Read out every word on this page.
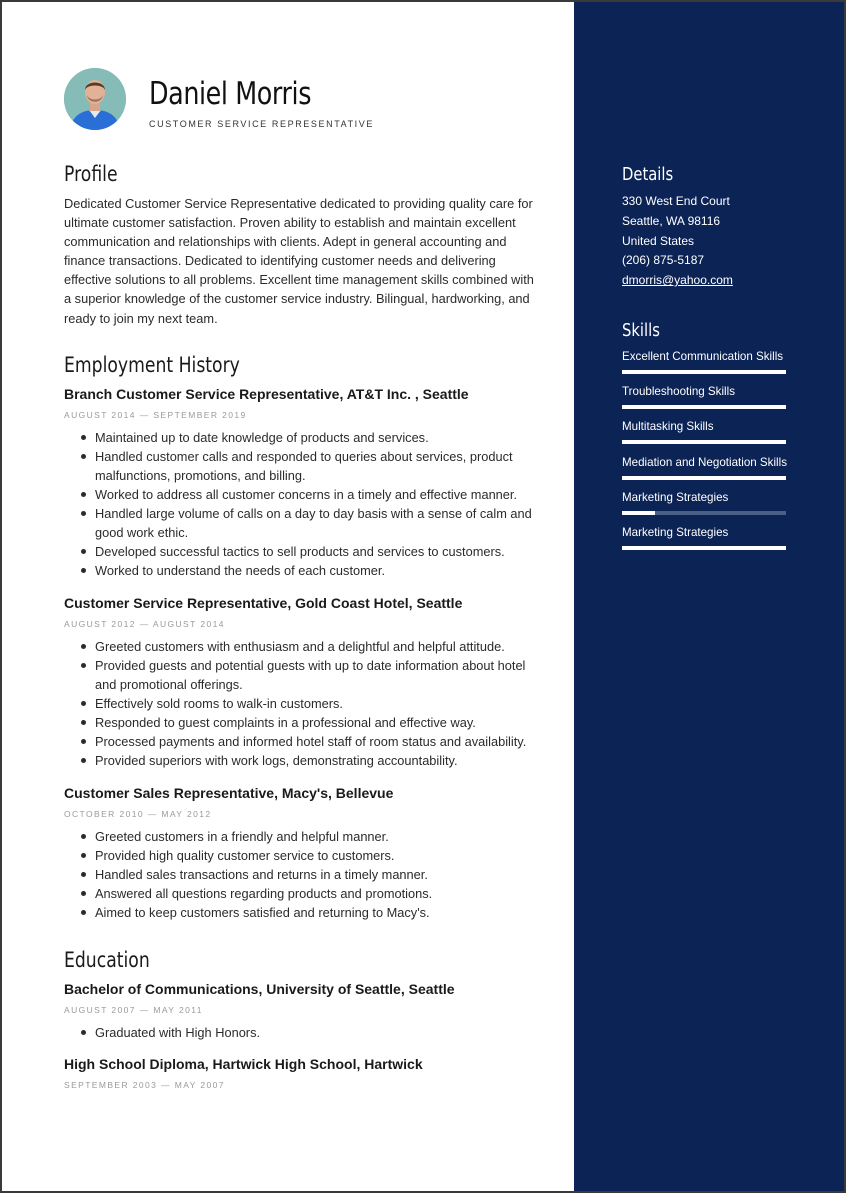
Daniel Morris
CUSTOMER SERVICE REPRESENTATIVE
Profile
Dedicated Customer Service Representative dedicated to providing quality care for ultimate customer satisfaction. Proven ability to establish and maintain excellent communication and relationships with clients. Adept in general accounting and finance transactions. Dedicated to identifying customer needs and delivering effective solutions to all problems. Excellent time management skills combined with a superior knowledge of the customer service industry. Bilingual, hardworking, and ready to join my next team.
Employment History
Branch Customer Service Representative, AT&T Inc. , Seattle
AUGUST 2014 — SEPTEMBER 2019
Maintained up to date knowledge of products and services.
Handled customer calls and responded to queries about services, product malfunctions, promotions, and billing.
Worked to address all customer concerns in a timely and effective manner.
Handled large volume of calls on a day to day basis with a sense of calm and good work ethic.
Developed successful tactics to sell products and services to customers.
Worked to understand the needs of each customer.
Customer Service Representative, Gold Coast Hotel, Seattle
AUGUST 2012 — AUGUST 2014
Greeted customers with enthusiasm and a delightful and helpful attitude.
Provided guests and potential guests with up to date information about hotel and promotional offerings.
Effectively sold rooms to walk-in customers.
Responded to guest complaints in a professional and effective way.
Processed payments and informed hotel staff of room status and availability.
Provided superiors with work logs, demonstrating accountability.
Customer Sales Representative, Macy's, Bellevue
OCTOBER 2010 — MAY 2012
Greeted customers in a friendly and helpful manner.
Provided high quality customer service to customers.
Handled sales transactions and returns in a timely manner.
Answered all questions regarding products and promotions.
Aimed to keep customers satisfied and returning to Macy's.
Education
Bachelor of Communications, University of Seattle, Seattle
AUGUST 2007 — MAY 2011
Graduated with High Honors.
High School Diploma, Hartwick High School, Hartwick
SEPTEMBER 2003 — MAY 2007
Details
330 West End Court
Seattle, WA 98116
United States
(206) 875-5187
dmorris@yahoo.com
Skills
Excellent Communication Skills
Troubleshooting Skills
Multitasking Skills
Mediation and Negotiation Skills
Marketing Strategies
Marketing Strategies
